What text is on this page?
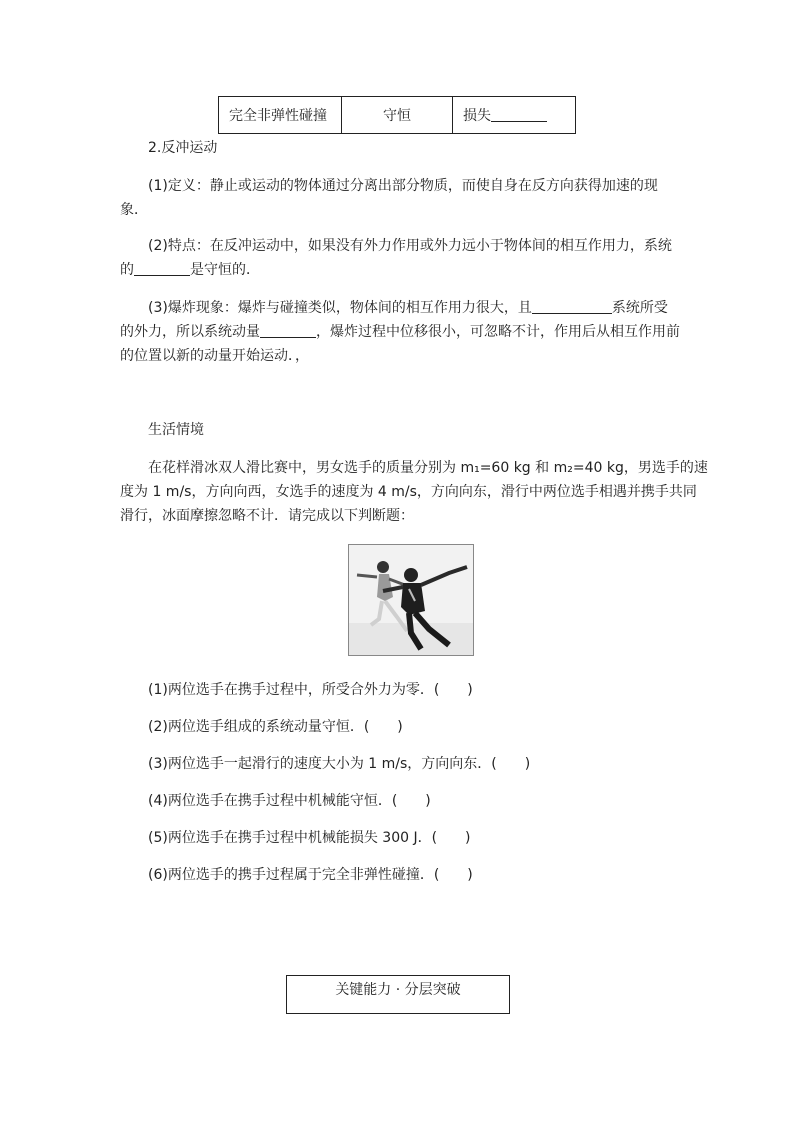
完全非弹性碰撞	守恒	损失
2.反冲运动
(1)定义：静止或运动的物体通过分离出部分物质，而使自身在反方向获得加速的现
象．
(2)特点：在反冲运动中，如果没有外力作用或外力远小于物体间的相互作用力，系统
的	是守恒的．
(3)爆炸现象：爆炸与碰撞类似，物体间的相互作用力很大，且	系统所受
的外力，所以系统动量	，爆炸过程中位移很小，可忽略不计，作用后从相互作用前
的位置以新的动量开始运动．，
生活情境
在花样滑冰双人滑比赛中，男女选手的质量分别为 m₁=60 kg 和 m₂=40 kg，男选手的速
度为 1 m/s，方向向西，女选手的速度为 4 m/s，方向向东，滑行中两位选手相遇并携手共同
滑行，冰面摩擦忽略不计．请完成以下判断题：
(1)两位选手在携手过程中，所受合外力为零．(　　)
(2)两位选手组成的系统动量守恒．(　　)
(3)两位选手一起滑行的速度大小为 1 m/s，方向向东．(　　)
(4)两位选手在携手过程中机械能守恒．(　　)
(5)两位选手在携手过程中机械能损失 300 J．(　　)
(6)两位选手的携手过程属于完全非弹性碰撞．(　　)
关键能力 · 分层突破
